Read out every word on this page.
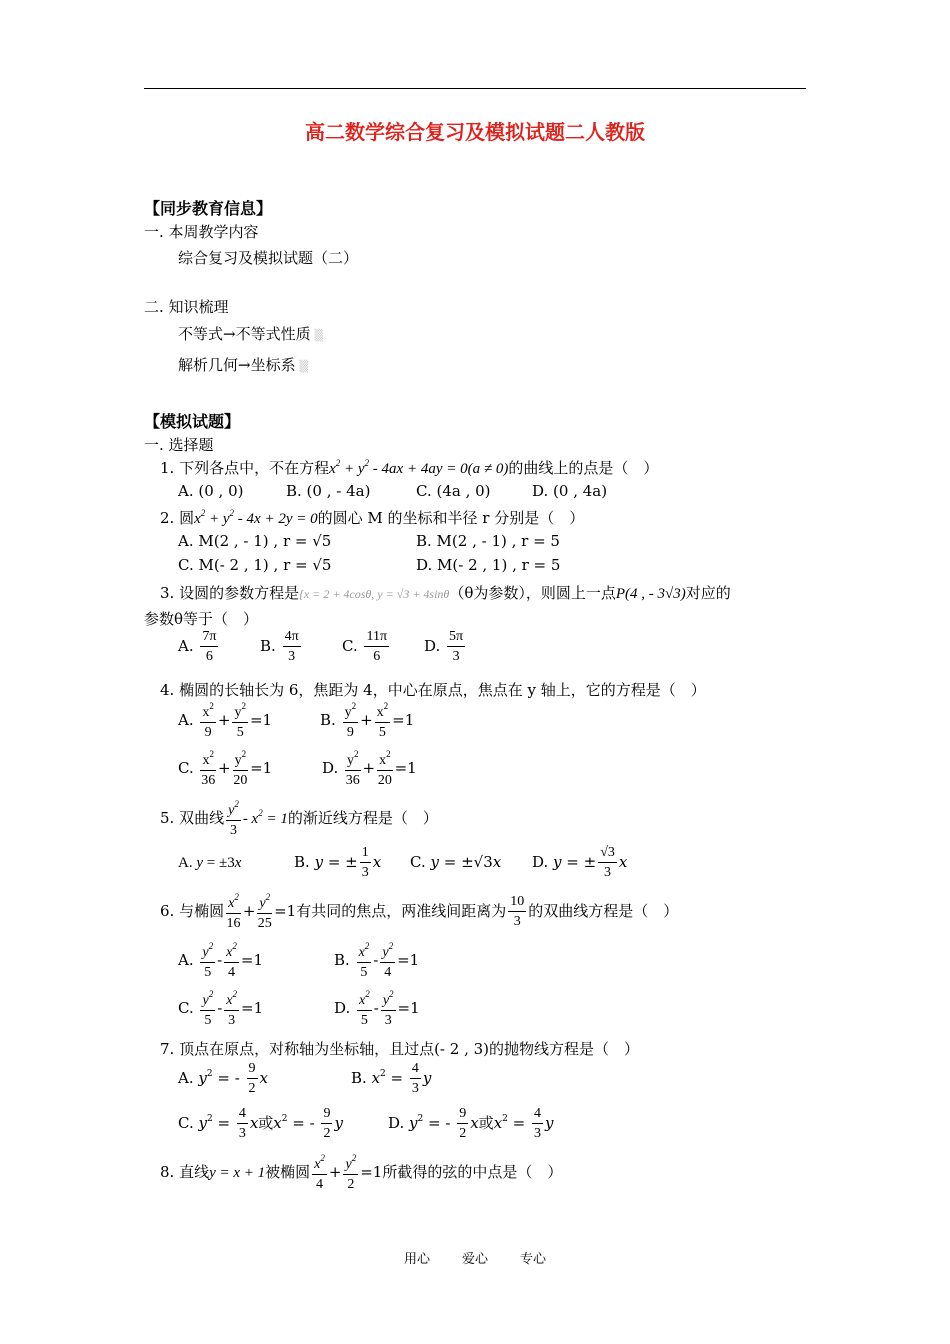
高二数学综合复习及模拟试题二人教版
【同步教育信息】
一. 本周教学内容
综合复习及模拟试题（二）
二. 知识梳理
不等式→不等式性质 ▒
解析几何→坐标系 ▒
【模拟试题】
一. 选择题
1. 下列各点中，不在方程$x^2 + y^2 - 4ax + 4ay = 0(a \ne 0)$的曲线上的点是（　）
A. (0 , 0)	B. (0 , - 4a)	C. (4a , 0)	D. (0 , 4a)
2. 圆$x^2 + y^2 - 4x + 2y = 0$的圆心 M 的坐标和半径 r 分别是（　）
A. M(2 , - 1) , r = √5	B. M(2 , - 1) , r = 5
C. M(- 2 , 1) , r = √5	D. M(- 2 , 1) , r = 5
3. 设圆的参数方程是{x = 2 + 4cosθ, y = √3 + 4sinθ（θ为参数），则圆上一点P(4 , - 3√3)对应的
参数θ等于（　）
A. $\frac{7\pi}{6}$	B. $\frac{4\pi}{3}$	C. $\frac{11\pi}{6} D$. $\frac{5\pi}{3}$
4. 椭圆的长轴长为 6，焦距为 4，中心在原点，焦点在 y 轴上，它的方程是（　）
A. $\frac{x^2}{9} + \frac{y^2}{5} =1$	B. $\frac{y^2}{9} + \frac{x^2}{5} =1$
C. $\frac{x^2}{36} + \frac{y^2}{20} =1$	D. $\frac{y^2}{36} + \frac{x^2}{20} =1$
5. 双曲线 $\frac{y^2}{3} - x^2 = 1$的渐近线方程是（　）
A. y = ±3x	B. y = ± $\frac{1}{3}$ x C. y = ±√3x D. y = ± $\frac{√3}{3}$ x
6. 与椭圆 $\frac{x^2}{16} + \frac{y^2}{25} =1$有共同的焦点，两准线间距离为 $\frac{10}{3}$ 的双曲线方程是（　）
A. $\frac{y^2}{5} - \frac{x^2}{4} =1$	B. $\frac{x^2}{5} - \frac{y^2}{4} =1$
C. $\frac{y^2}{5} - \frac{x^2}{3} =1$	D. $\frac{x^2}{5} - \frac{y^2}{3} =1$
7. 顶点在原点，对称轴为坐标轴，且过点(- 2 , 3)的抛物线方程是（　）
A. $y^2$ = - $\frac{9}{2}$ x	B. $x^2 = \frac{4}{3}$ y
C. $y^2 = \frac{4}{3}$ x或$x^2$ = - $\frac{9}{2}$ y	D. $y^2$ = - $\frac{9}{2}$ x或$x^2 = \frac{4}{3}$ y
8. 直线y = x + 1被椭圆 $\frac{x^2}{4} + \frac{y^2}{2} =1$所截得的弦的中点是（　）
用心 爱心 专心
